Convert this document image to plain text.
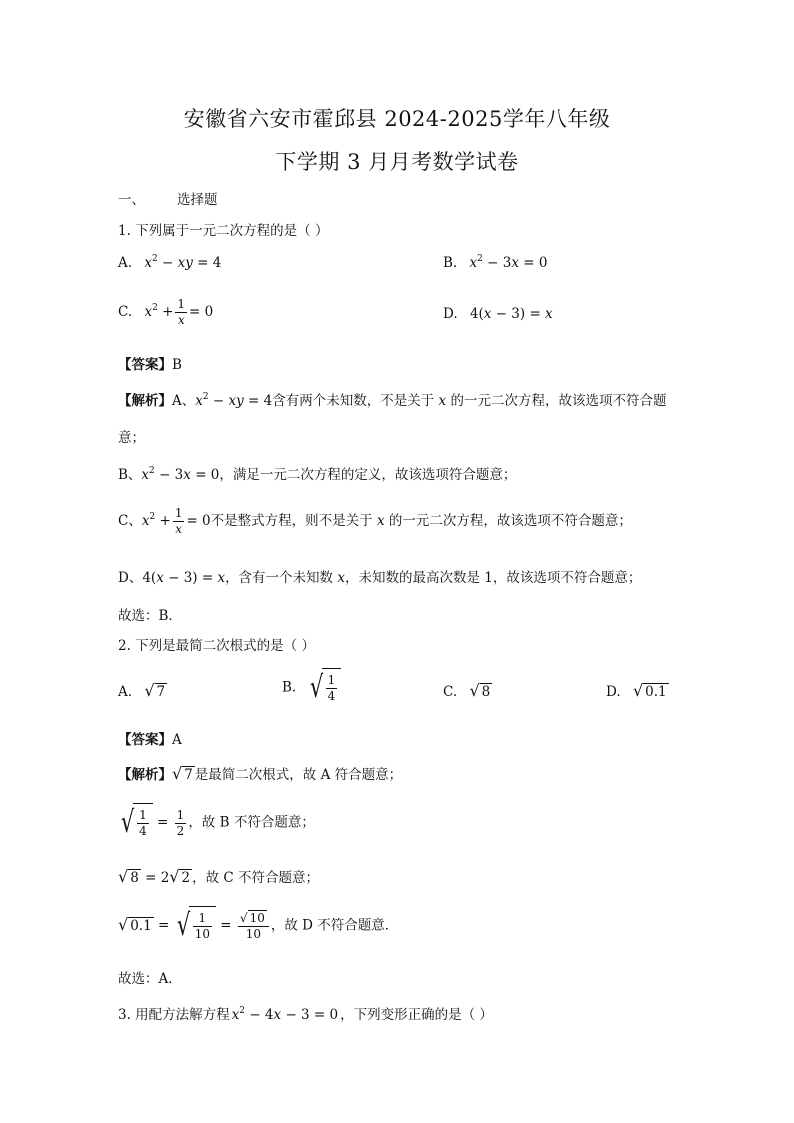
安徽省六安市霍邱县 2024-2025学年八年级
下学期 3 月月考数学试卷
一、 选择题
1. 下列属于一元二次方程的是（ ）
A. $x^2$ − xy = 4	B. $x^2 - 3x = 0$
C. $x^2 + \frac{1}{x} = 0$	D. 4(x − 3) = x
【答案】B
【解析】A、$x^2$ − xy = 4含有两个未知数，不是关于 x 的一元二次方程，故该选项不符合题
意；
B、$x^2 - 3x = 0$，满足一元二次方程的定义，故该选项符合题意；
C、$x^2 + \frac{1}{x} = 0$不是整式方程，则不是关于 x 的一元二次方程，故该选项不符合题意；
D、4(x − 3) = x，含有一个未知数 x，未知数的最高次数是 1，故该选项不符合题意；
故选：B．
2. 下列是最简二次根式的是（ ）
A. √ 7	B. √ $\frac{1}{4}$	C. √ 8	D. √ 0.1
【答案】A
【解析】√ 7 是最简二次根式，故 A 符合题意；
√ $\frac{1}{4} = \frac{1}{2}$ ，故 B 不符合题意；
√ 8 = 2√ 2 ，故 C 不符合题意；
√ 0.1 = √ $\frac{1}{10} = \frac{√ 10}{10}$ ，故 D 不符合题意．
故选：A．
3. 用配方法解方程 $x^2 - 4x - 3 = 0$ ，下列变形正确的是（ ）
